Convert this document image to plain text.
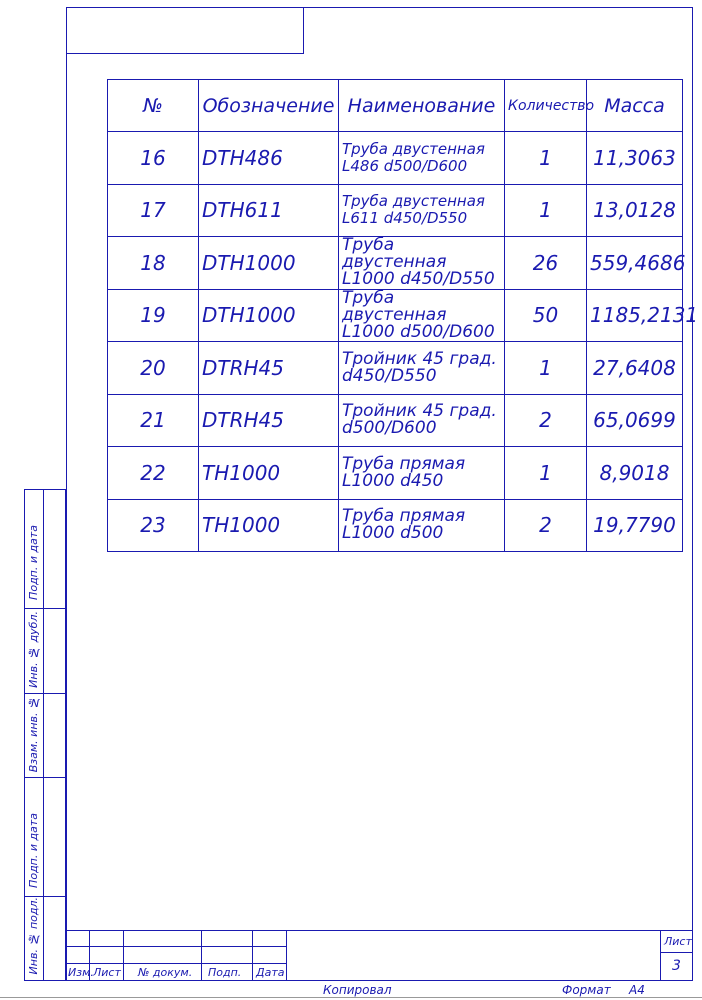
Подп. и дата
Инв. № дубл.
Взам. инв. №
Подп. и дата
Инв. № подл.
№	Обозначение	Наименование	Количество	Масса
16	DTH486	Труба двустенная L486 d500/D600	1	11,3063
17	DTH611	Труба двустенная L611 d450/D550	1	13,0128
18	DTH1000	Труба двустенная L1000 d450/D550	26	559,4686
19	DTH1000	Труба двустенная L1000 d500/D600	50	1185,2131
20	DTRH45	Тройник 45 град. d450/D550	1	27,6408
21	DTRH45	Тройник 45 град. d500/D600	2	65,0699
22	TH1000	Труба прямая L1000 d450	1	8,9018
23	TH1000	Труба прямая L1000 d500	2	19,7790
Изм. Лист № докум. Подп. Дата
Лист
3
Копировал	Формат A4
